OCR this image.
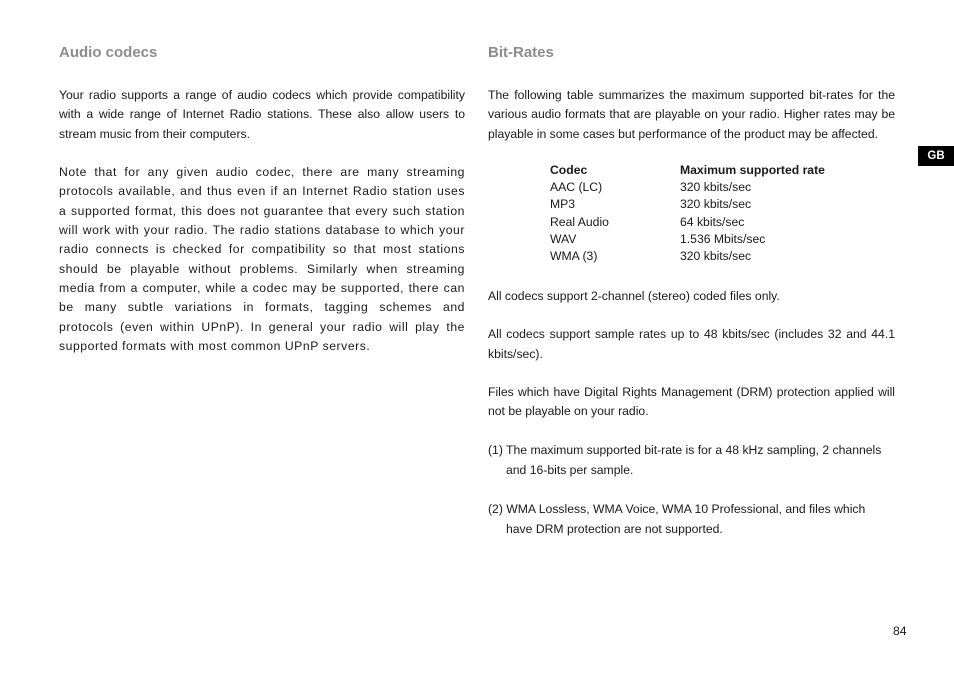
Audio codecs

Your radio supports a range of audio codecs which provide compatibility with a wide range of Internet Radio stations. These also allow users to stream music from their computers.

Note that for any given audio codec, there are many streaming protocols available, and thus even if an Internet Radio station uses a supported format, this does not guarantee that every such station will work with your radio. The radio stations database to which your radio connects is checked for compatibility so that most stations should be playable without problems. Similarly when streaming media from a computer, while a codec may be supported, there can be many subtle variations in formats, tagging schemes and protocols (even within UPnP). In general your radio will play the supported formats with most common UPnP servers.

Bit-Rates

The following table summarizes the maximum supported bit-rates for the various audio formats that are playable on your radio. Higher rates may be playable in some cases but performance of the product may be affected.

Codec	Maximum supported rate
AAC (LC)	320 kbits/sec
MP3	320 kbits/sec
Real Audio	64 kbits/sec
WAV	1.536 Mbits/sec
WMA (3)	320 kbits/sec

All codecs support 2-channel (stereo) coded files only.

All codecs support sample rates up to 48 kbits/sec (includes 32 and 44.1 kbits/sec).

Files which have Digital Rights Management (DRM) protection applied will not be playable on your radio.

(1) The maximum supported bit-rate is for a 48 kHz sampling, 2 channels and 16-bits per sample.

(2) WMA Lossless, WMA Voice, WMA 10 Professional, and files which have DRM protection are not supported.

GB
84
